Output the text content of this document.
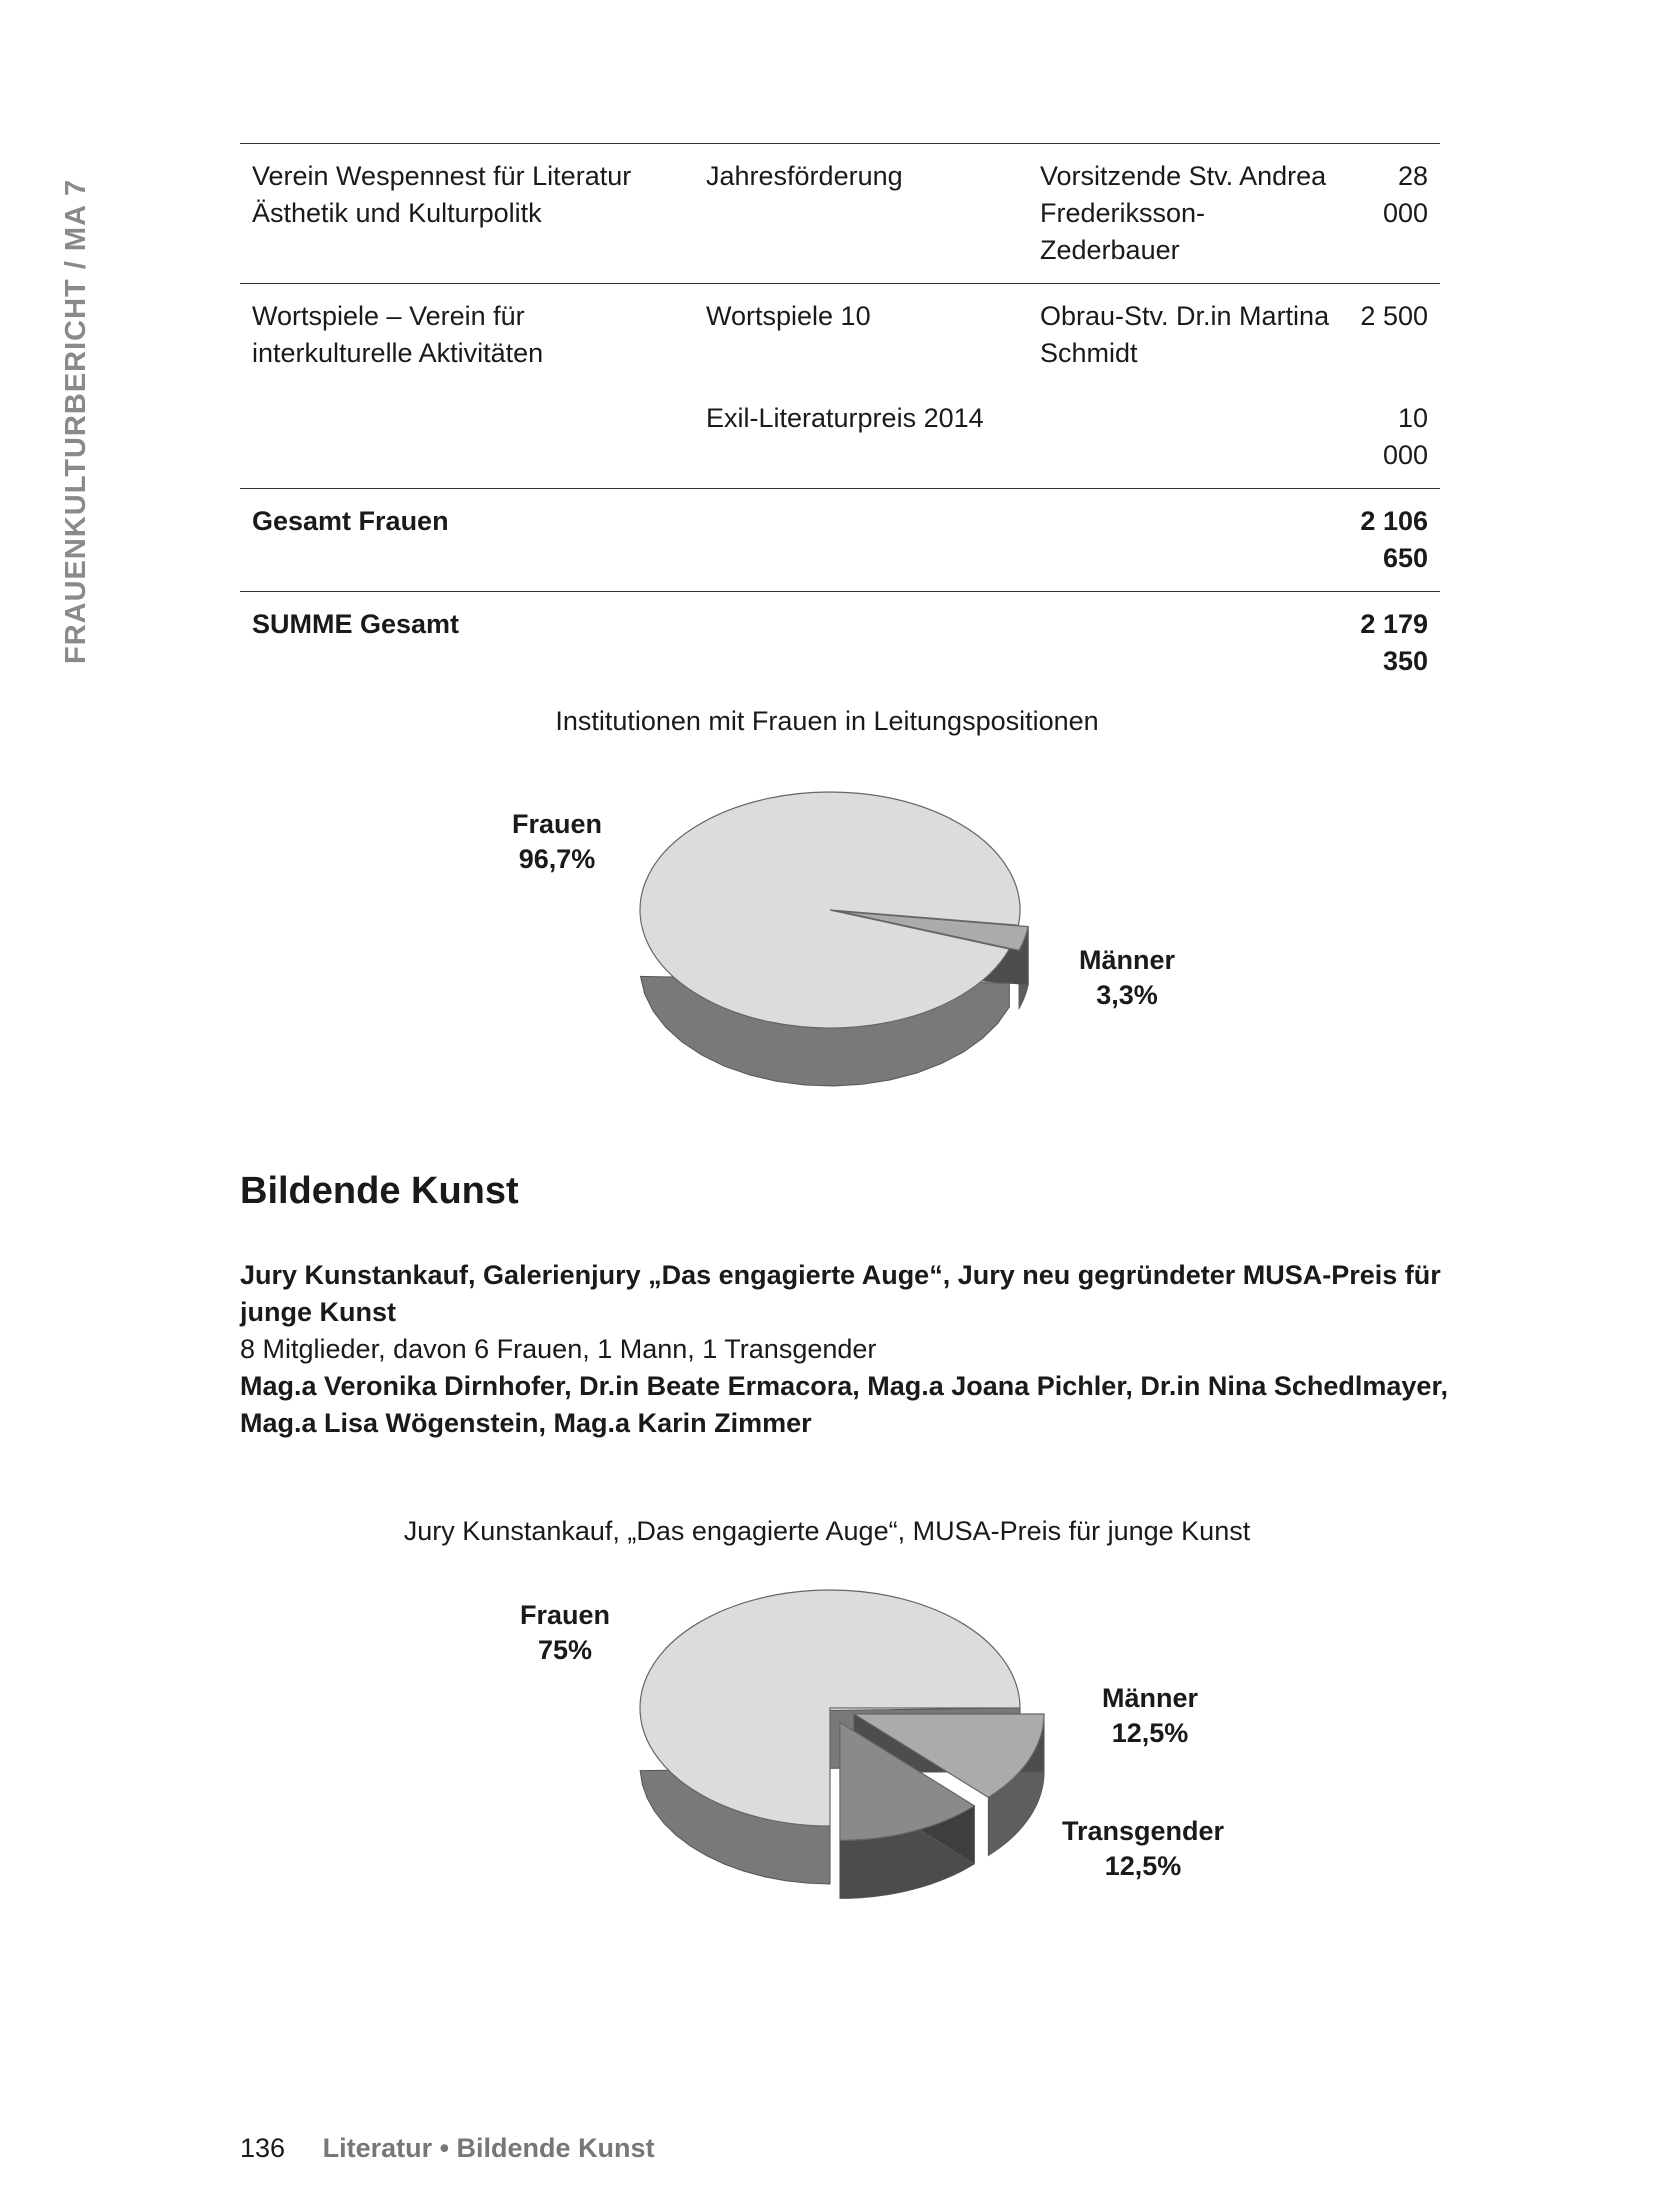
FRAUENKULTURBERICHT / MA 7
Verein Wespennest für Literatur Ästhetik und Kulturpolitk	Jahresförderung	Vorsitzende Stv. Andrea Frederiksson-Zederbauer	28 000
Wortspiele – Verein für interkulturelle Aktivitäten	Wortspiele 10	Obrau-Stv. Dr.in Martina Schmidt	2 500
	Exil-Literaturpreis 2014		10 000
Gesamt Frauen			2 106 650
SUMME Gesamt			2 179 350
Institutionen mit Frauen in Leitungspositionen
Frauen
96,7%
Männer
3,3%
Bildende Kunst
Jury Kunstankauf, Galerienjury „Das engagierte Auge“, Jury neu gegründeter MUSA-Preis für junge Kunst
8 Mitglieder, davon 6 Frauen, 1 Mann, 1 Transgender
Mag.a Veronika Dirnhofer, Dr.in Beate Ermacora, Mag.a Joana Pichler, Dr.in Nina Schedlmayer, Mag.a Lisa Wögenstein, Mag.a Karin Zimmer
Jury Kunstankauf, „Das engagierte Auge“, MUSA-Preis für junge Kunst
Frauen
75%
Männer
12,5%
Transgender
12,5%
136 Literatur • Bildende Kunst
